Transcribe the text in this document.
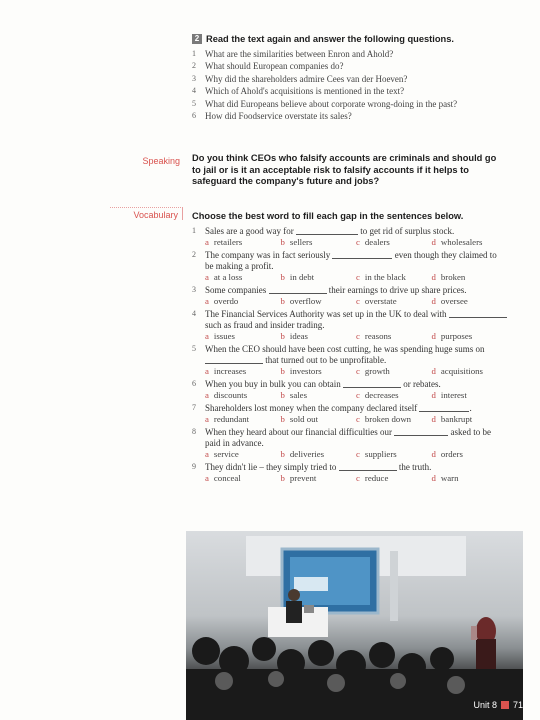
2 Read the text again and answer the following questions.
1 What are the similarities between Enron and Ahold?
2 What should European companies do?
3 Why did the shareholders admire Cees van der Hoeven?
4 Which of Ahold's acquisitions is mentioned in the text?
5 What did Europeans believe about corporate wrong-doing in the past?
6 How did Foodservice overstate its sales?
Speaking Do you think CEOs who falsify accounts are criminals and should go to jail or is it an acceptable risk to falsify accounts if it helps to safeguard the company's future and jobs?
Vocabulary	Choose the best word to fill each gap in the sentences below.
1 Sales are a good way for	to get rid of surplus stock.
a retailers	b sellers	c dealers	d wholesalers
2 The company was in fact seriously	even though they claimed to be making a profit.
a at a loss	b in debt	c in the black	d broken
3 Some companies	their earnings to drive up share prices.
a overdo	b overflow	c overstate	d oversee
4 The Financial Services Authority was set up in the UK to deal with  such as fraud and insider trading.
a issues	b ideas	c reasons	d purposes
5 When the CEO should have been cost cutting, he was spending huge sums on  that turned out to be unprofitable.
a increases	b investors	c growth	d acquisitions
6 When you buy in bulk you can obtain	or rebates.
a discounts	b sales	c decreases	d interest
7 Shareholders lost money when the company declared itself	.
a redundant	b sold out	c broken down	d bankrupt
8 When they heard about our financial difficulties our	asked to be paid in advance.
a service	b deliveries	c suppliers	d orders
9 They didn't lie – they simply tried to	the truth.
a conceal	b prevent	c reduce	d warn
Unit 8 71
